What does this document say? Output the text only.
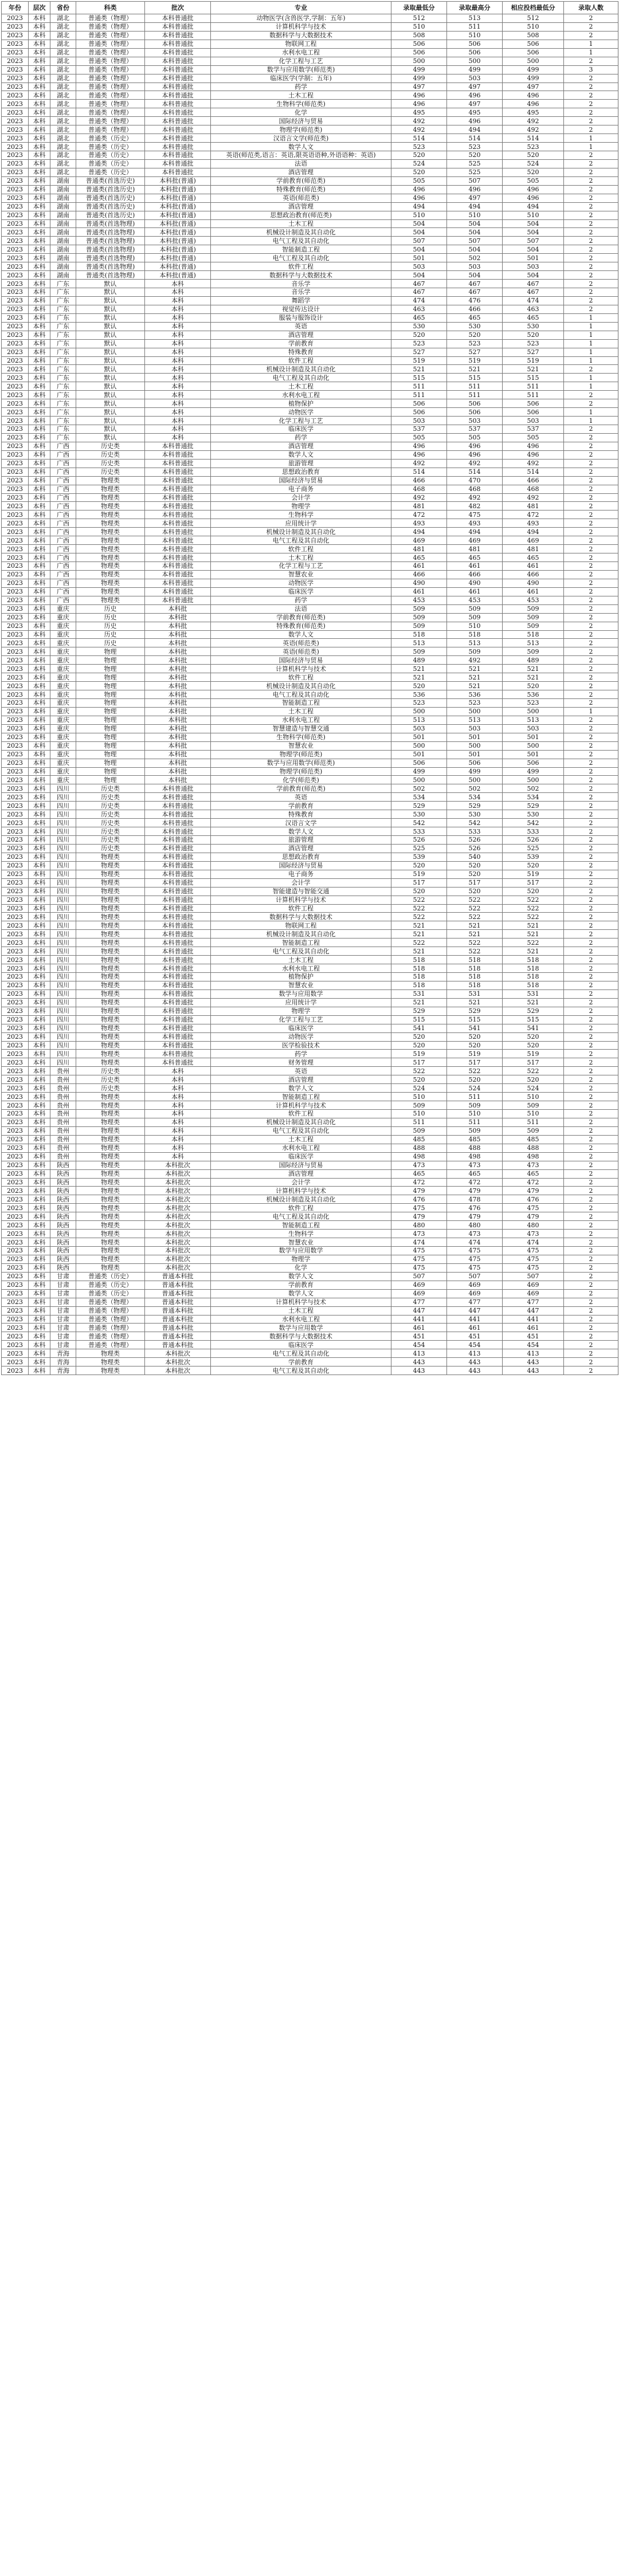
年份	层次	省份	科类	批次	专业	录取最低分	录取最高分	相应投档最低分	录取人数
2023	本科	湖北	普通类（物理）	本科普通批	动物医学(含兽医学,学制：五年)	512	513	512	2
2023	本科	湖北	普通类（物理）	本科普通批	计算机科学与技术	510	511	510	2
2023	本科	湖北	普通类（物理）	本科普通批	数据科学与大数据技术	508	510	508	2
2023	本科	湖北	普通类（物理）	本科普通批	物联网工程	506	506	506	1
2023	本科	湖北	普通类（物理）	本科普通批	水利水电工程	506	506	506	1
2023	本科	湖北	普通类（物理）	本科普通批	化学工程与工艺	500	500	500	2
2023	本科	湖北	普通类（物理）	本科普通批	数学与应用数学(师范类)	499	499	499	3
2023	本科	湖北	普通类（物理）	本科普通批	临床医学(学制：五年)	499	503	499	2
2023	本科	湖北	普通类（物理）	本科普通批	药学	497	497	497	2
2023	本科	湖北	普通类（物理）	本科普通批	土木工程	496	496	496	2
2023	本科	湖北	普通类（物理）	本科普通批	生物科学(师范类)	496	497	496	2
2023	本科	湖北	普通类（物理）	本科普通批	化学	495	495	495	2
2023	本科	湖北	普通类（物理）	本科普通批	国际经济与贸易	492	496	492	2
2023	本科	湖北	普通类（物理）	本科普通批	物理学(师范类)	492	494	492	2
2023	本科	湖北	普通类（历史）	本科普通批	汉语言文学(师范类)	514	514	514	1
2023	本科	湖北	普通类（历史）	本科普通批	数学人文	523	523	523	1
2023	本科	湖北	普通类（历史）	本科普通批	英语(师范类,语言：英语,限英语语种,外语语种：英语)	520	520	520	2
2023	本科	湖北	普通类（历史）	本科普通批	法语	524	525	524	2
2023	本科	湖北	普通类（历史）	本科普通批	酒店管理	520	525	520	2
2023	本科	湖南	普通类(首选历史)	本科批(普通)	学前教育(师范类)	505	507	505	2
2023	本科	湖南	普通类(首选历史)	本科批(普通)	特殊教育(师范类)	496	496	496	2
2023	本科	湖南	普通类(首选历史)	本科批(普通)	英语(师范类)	496	497	496	2
2023	本科	湖南	普通类(首选历史)	本科批(普通)	酒店管理	494	494	494	2
2023	本科	湖南	普通类(首选历史)	本科批(普通)	思想政治教育(师范类)	510	510	510	2
2023	本科	湖南	普通类(首选物理)	本科批(普通)	土木工程	504	504	504	2
2023	本科	湖南	普通类(首选物理)	本科批(普通)	机械设计制造及其自动化	504	504	504	2
2023	本科	湖南	普通类(首选物理)	本科批(普通)	电气工程及其自动化	507	507	507	2
2023	本科	湖南	普通类(首选物理)	本科批(普通)	智能制造工程	504	504	504	2
2023	本科	湖南	普通类(首选物理)	本科批(普通)	电气工程及其自动化	501	502	501	2
2023	本科	湖南	普通类(首选物理)	本科批(普通)	软件工程	503	503	503	2
2023	本科	湖南	普通类(首选物理)	本科批(普通)	数据科学与大数据技术	504	504	504	2
2023	本科	广东	默认	本科	音乐学	467	467	467	2
2023	本科	广东	默认	本科	音乐学	467	467	467	2
2023	本科	广东	默认	本科	舞蹈学	474	476	474	2
2023	本科	广东	默认	本科	视觉传达设计	463	466	463	2
2023	本科	广东	默认	本科	服装与服饰设计	465	465	465	1
2023	本科	广东	默认	本科	英语	530	530	530	1
2023	本科	广东	默认	本科	酒店管理	520	520	520	1
2023	本科	广东	默认	本科	学前教育	523	523	523	1
2023	本科	广东	默认	本科	特殊教育	527	527	527	1
2023	本科	广东	默认	本科	软件工程	519	519	519	1
2023	本科	广东	默认	本科	机械设计制造及其自动化	521	521	521	2
2023	本科	广东	默认	本科	电气工程及其自动化	515	515	515	1
2023	本科	广东	默认	本科	土木工程	511	511	511	1
2023	本科	广东	默认	本科	水利水电工程	511	511	511	2
2023	本科	广东	默认	本科	植物保护	506	506	506	2
2023	本科	广东	默认	本科	动物医学	506	506	506	1
2023	本科	广东	默认	本科	化学工程与工艺	503	503	503	1
2023	本科	广东	默认	本科	临床医学	537	537	537	2
2023	本科	广东	默认	本科	药学	505	505	505	2
2023	本科	广西	历史类	本科普通批	酒店管理	496	496	496	2
2023	本科	广西	历史类	本科普通批	数学人文	496	496	496	2
2023	本科	广西	历史类	本科普通批	旅游管理	492	492	492	2
2023	本科	广西	历史类	本科普通批	思想政治教育	514	514	514	2
2023	本科	广西	物理类	本科普通批	国际经济与贸易	466	470	466	2
2023	本科	广西	物理类	本科普通批	电子商务	468	468	468	2
2023	本科	广西	物理类	本科普通批	会计学	492	492	492	2
2023	本科	广西	物理类	本科普通批	物理学	481	482	481	2
2023	本科	广西	物理类	本科普通批	生物科学	472	475	472	2
2023	本科	广西	物理类	本科普通批	应用统计学	493	493	493	2
2023	本科	广西	物理类	本科普通批	机械设计制造及其自动化	494	494	494	2
2023	本科	广西	物理类	本科普通批	电气工程及其自动化	469	469	469	2
2023	本科	广西	物理类	本科普通批	软件工程	481	481	481	2
2023	本科	广西	物理类	本科普通批	土木工程	465	465	465	2
2023	本科	广西	物理类	本科普通批	化学工程与工艺	461	461	461	2
2023	本科	广西	物理类	本科普通批	智慧农业	466	466	466	2
2023	本科	广西	物理类	本科普通批	动物医学	490	490	490	2
2023	本科	广西	物理类	本科普通批	临床医学	461	461	461	2
2023	本科	广西	物理类	本科普通批	药学	453	453	453	2
2023	本科	重庆	历史	本科批	法语	509	509	509	2
2023	本科	重庆	历史	本科批	学前教育(师范类)	509	509	509	2
2023	本科	重庆	历史	本科批	特殊教育(师范类)	509	510	509	2
2023	本科	重庆	历史	本科批	数学人文	518	518	518	2
2023	本科	重庆	历史	本科批	英语(师范类)	513	513	513	2
2023	本科	重庆	物理	本科批	英语(师范类)	509	509	509	2
2023	本科	重庆	物理	本科批	国际经济与贸易	489	492	489	2
2023	本科	重庆	物理	本科批	计算机科学与技术	521	521	521	2
2023	本科	重庆	物理	本科批	软件工程	521	521	521	2
2023	本科	重庆	物理	本科批	机械设计制造及其自动化	520	521	520	2
2023	本科	重庆	物理	本科批	电气工程及其自动化	536	536	536	2
2023	本科	重庆	物理	本科批	智能制造工程	523	523	523	2
2023	本科	重庆	物理	本科批	土木工程	500	500	500	1
2023	本科	重庆	物理	本科批	水利水电工程	513	513	513	2
2023	本科	重庆	物理	本科批	智慧建造与智慧交通	503	503	503	2
2023	本科	重庆	物理	本科批	生物科学(师范类)	501	501	501	2
2023	本科	重庆	物理	本科批	智慧农业	500	500	500	2
2023	本科	重庆	物理	本科批	物理学(师范类)	501	501	501	2
2023	本科	重庆	物理	本科批	数学与应用数学(师范类)	506	506	506	2
2023	本科	重庆	物理	本科批	物理学(师范类)	499	499	499	2
2023	本科	重庆	物理	本科批	化学(师范类)	500	500	500	2
2023	本科	四川	历史类	本科普通批	学前教育(师范类)	502	502	502	2
2023	本科	四川	历史类	本科普通批	英语	534	534	534	2
2023	本科	四川	历史类	本科普通批	学前教育	529	529	529	2
2023	本科	四川	历史类	本科普通批	特殊教育	530	530	530	2
2023	本科	四川	历史类	本科普通批	汉语言文学	542	542	542	2
2023	本科	四川	历史类	本科普通批	数学人文	533	533	533	2
2023	本科	四川	历史类	本科普通批	旅游管理	526	526	526	2
2023	本科	四川	历史类	本科普通批	酒店管理	525	526	525	2
2023	本科	四川	物理类	本科普通批	思想政治教育	539	540	539	2
2023	本科	四川	物理类	本科普通批	国际经济与贸易	520	520	520	2
2023	本科	四川	物理类	本科普通批	电子商务	519	520	519	2
2023	本科	四川	物理类	本科普通批	会计学	517	517	517	2
2023	本科	四川	物理类	本科普通批	智能建造与智能交通	520	520	520	2
2023	本科	四川	物理类	本科普通批	计算机科学与技术	522	522	522	2
2023	本科	四川	物理类	本科普通批	软件工程	522	522	522	2
2023	本科	四川	物理类	本科普通批	数据科学与大数据技术	522	522	522	2
2023	本科	四川	物理类	本科普通批	物联网工程	521	521	521	2
2023	本科	四川	物理类	本科普通批	机械设计制造及其自动化	521	521	521	2
2023	本科	四川	物理类	本科普通批	智能制造工程	522	522	522	2
2023	本科	四川	物理类	本科普通批	电气工程及其自动化	521	522	521	2
2023	本科	四川	物理类	本科普通批	土木工程	518	518	518	2
2023	本科	四川	物理类	本科普通批	水利水电工程	518	518	518	2
2023	本科	四川	物理类	本科普通批	植物保护	518	518	518	2
2023	本科	四川	物理类	本科普通批	智慧农业	518	518	518	2
2023	本科	四川	物理类	本科普通批	数学与应用数学	531	531	531	2
2023	本科	四川	物理类	本科普通批	应用统计学	521	521	521	2
2023	本科	四川	物理类	本科普通批	物理学	529	529	529	2
2023	本科	四川	物理类	本科普通批	化学工程与工艺	515	515	515	2
2023	本科	四川	物理类	本科普通批	临床医学	541	541	541	2
2023	本科	四川	物理类	本科普通批	动物医学	520	520	520	2
2023	本科	四川	物理类	本科普通批	医学检验技术	520	520	520	2
2023	本科	四川	物理类	本科普通批	药学	519	519	519	2
2023	本科	四川	物理类	本科普通批	财务管理	517	517	517	2
2023	本科	贵州	历史类	本科	英语	522	522	522	2
2023	本科	贵州	历史类	本科	酒店管理	520	520	520	2
2023	本科	贵州	历史类	本科	数学人文	524	524	524	2
2023	本科	贵州	物理类	本科	智能制造工程	510	511	510	2
2023	本科	贵州	物理类	本科	计算机科学与技术	509	509	509	2
2023	本科	贵州	物理类	本科	软件工程	510	510	510	2
2023	本科	贵州	物理类	本科	机械设计制造及其自动化	511	511	511	2
2023	本科	贵州	物理类	本科	电气工程及其自动化	509	509	509	2
2023	本科	贵州	物理类	本科	土木工程	485	485	485	2
2023	本科	贵州	物理类	本科	水利水电工程	488	488	488	2
2023	本科	贵州	物理类	本科	临床医学	498	498	498	2
2023	本科	陕西	物理类	本科批次	国际经济与贸易	473	473	473	2
2023	本科	陕西	物理类	本科批次	酒店管理	465	465	465	2
2023	本科	陕西	物理类	本科批次	会计学	472	472	472	2
2023	本科	陕西	物理类	本科批次	计算机科学与技术	479	479	479	2
2023	本科	陕西	物理类	本科批次	机械设计制造及其自动化	476	478	476	2
2023	本科	陕西	物理类	本科批次	软件工程	475	476	475	2
2023	本科	陕西	物理类	本科批次	电气工程及其自动化	479	479	479	2
2023	本科	陕西	物理类	本科批次	智能制造工程	480	480	480	2
2023	本科	陕西	物理类	本科批次	生物科学	473	473	473	2
2023	本科	陕西	物理类	本科批次	智慧农业	474	474	474	2
2023	本科	陕西	物理类	本科批次	数学与应用数学	475	475	475	2
2023	本科	陕西	物理类	本科批次	物理学	475	475	475	2
2023	本科	陕西	物理类	本科批次	化学	475	475	475	2
2023	本科	甘肃	普通类（历史）	普通本科批	数学人文	507	507	507	2
2023	本科	甘肃	普通类（历史）	普通本科批	学前教育	469	469	469	2
2023	本科	甘肃	普通类（历史）	普通本科批	数学人文	469	469	469	2
2023	本科	甘肃	普通类（物理）	普通本科批	计算机科学与技术	477	477	477	2
2023	本科	甘肃	普通类（物理）	普通本科批	土木工程	447	447	447	2
2023	本科	甘肃	普通类（物理）	普通本科批	水利水电工程	441	441	441	2
2023	本科	甘肃	普通类（物理）	普通本科批	数学与应用数学	461	461	461	2
2023	本科	甘肃	普通类（物理）	普通本科批	数据科学与大数据技术	451	451	451	2
2023	本科	甘肃	普通类（物理）	普通本科批	临床医学	454	454	454	2
2023	本科	青海	物理类	本科批次	电气工程及其自动化	413	413	413	2
2023	本科	青海	物理类	本科批次	学前教育	443	443	443	2
2023	本科	青海	物理类	本科批次	电气工程及其自动化	443	443	443	2
